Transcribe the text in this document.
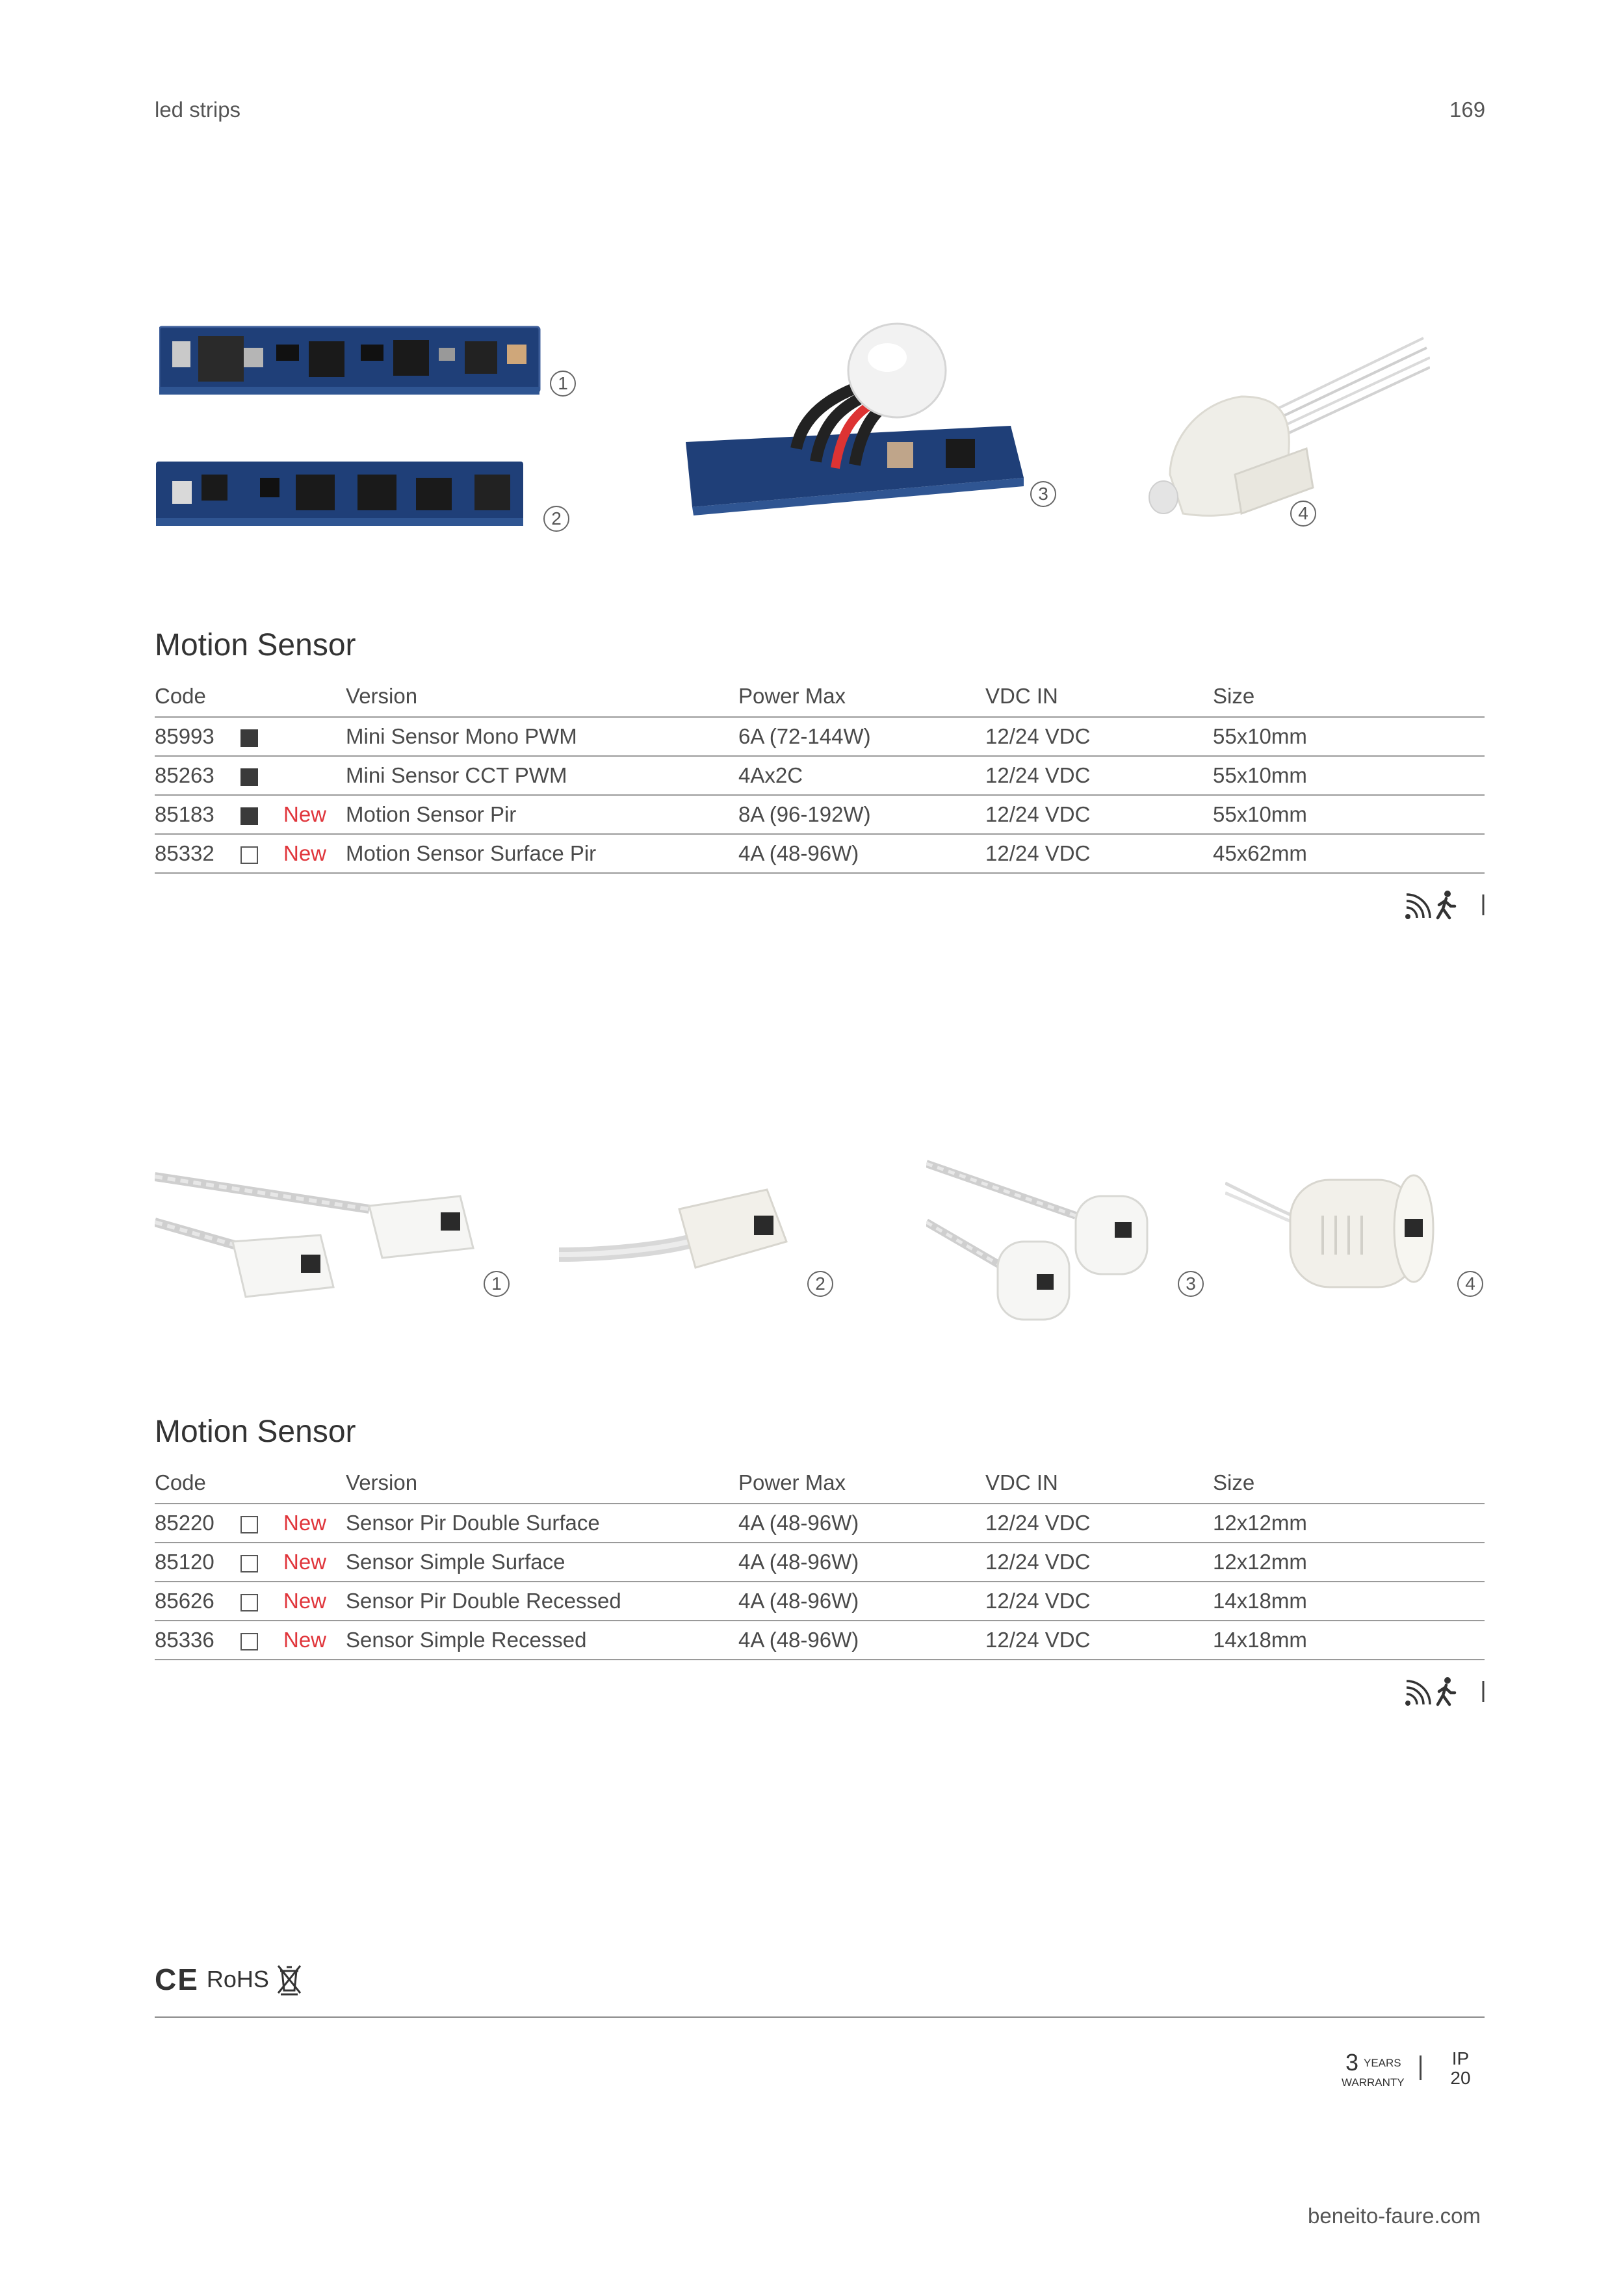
led strips	169
1
2
3
4
Motion Sensor
Code			Version	Power Max	VDC IN	Size
85993			Mini Sensor Mono PWM	6A (72-144W)	12/24 VDC	55x10mm
85263			Mini Sensor CCT PWM	4Ax2C	12/24 VDC	55x10mm
85183		New	Motion Sensor Pir	8A (96-192W)	12/24 VDC	55x10mm
85332		New	Motion Sensor Surface Pir	4A (48-96W)	12/24 VDC	45x62mm
1	2	3	4
Motion Sensor
Code			Version	Power Max	VDC IN	Size
85220		New	Sensor Pir Double Surface	4A (48-96W)	12/24 VDC	12x12mm
85120		New	Sensor Simple Surface	4A (48-96W)	12/24 VDC	12x12mm
85626		New	Sensor Pir Double Recessed	4A (48-96W)	12/24 VDC	14x18mm
85336		New	Sensor Simple Recessed	4A (48-96W)	12/24 VDC	14x18mm
CE RoHS
3 YEARS
WARRANTY
IP
20
beneito-faure.com
